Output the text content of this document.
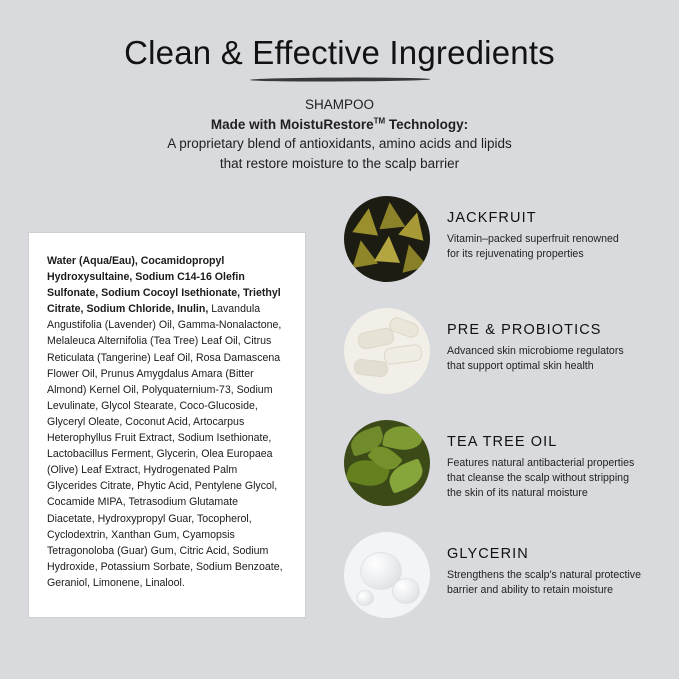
Clean & Effective Ingredients
SHAMPOO
Made with MoistuRestore™ Technology:
A proprietary blend of antioxidants, amino acids and lipids
that restore moisture to the scalp barrier
Water (Aqua/Eau), Cocamidopropyl Hydroxysultaine, Sodium C14-16 Olefin Sulfonate, Sodium Cocoyl Isethionate, Triethyl Citrate, Sodium Chloride, Inulin, Lavandula Angustifolia (Lavender) Oil, Gamma-Nonalactone, Melaleuca Alternifolia (Tea Tree) Leaf Oil, Citrus Reticulata (Tangerine) Leaf Oil, Rosa Damascena Flower Oil, Prunus Amygdalus Amara (Bitter Almond) Kernel Oil, Polyquaternium-73, Sodium Levulinate, Glycol Stearate, Coco-Glucoside, Glyceryl Oleate, Coconut Acid, Artocarpus Heterophyllus Fruit Extract, Sodium Isethionate, Lactobacillus Ferment, Glycerin, Olea Europaea (Olive) Leaf Extract, Hydrogenated Palm Glycerides Citrate, Phytic Acid, Pentylene Glycol, Cocamide MIPA, Tetrasodium Glutamate Diacetate, Hydroxypropyl Guar, Tocopherol, Cyclodextrin, Xanthan Gum, Cyamopsis Tetragonoloba (Guar) Gum, Citric Acid, Sodium Hydroxide, Potassium Sorbate, Sodium Benzoate, Geraniol, Limonene, Linalool.
JACKFRUIT

Vitamin–packed superfruit renowned
for its rejuvenating properties

PRE & PROBIOTICS

Advanced skin microbiome regulators
that support optimal skin health

TEA TREE OIL

Features natural antibacterial properties
that cleanse the scalp without stripping
the skin of its natural moisture

GLYCERIN

Strengthens the scalp's natural protective
barrier and ability to retain moisture
